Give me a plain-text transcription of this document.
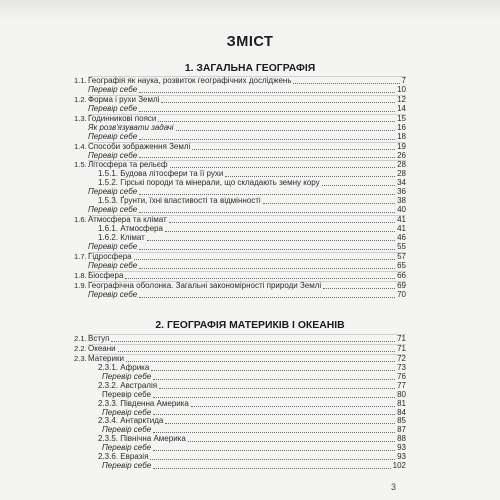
ЗМІСТ
1. ЗАГАЛЬНА ГЕОГРАФІЯ
1.1. Географія як наука, розвиток географічних досліджень	7
Перевір себе	10
1.2. Форма і рухи Землі	12
Перевір себе	14
1.3. Годинникові пояси	15
Як розв'язувати задачі	16
Перевір себе	18
1.4. Способи зображення Землі	19
Перевір себе	26
1.5. Літосфера та рельєф	28
1.5.1. Будова літосфери та її рухи	28
1.5.2. Гірські породи та мінерали, що складають земну кору	34
Перевір себе	36
1.5.3. Ґрунти, їхні властивості та відмінності	38
Перевір себе	40
1.6. Атмосфера та клімат	41
1.6.1. Атмосфера	41
1.6.2. Клімат	46
Перевір себе	55
1.7. Гідросфера	57
Перевір себе	65
1.8. Біосфера	66
1.9. Географічна оболонка. Загальні закономірності природи Землі	69
Перевір себе	70
2. ГЕОГРАФІЯ МАТЕРИКІВ І ОКЕАНІВ
2.1. Вступ	71
2.2. Океани	71
2.3. Материки	72
2.3.1. Африка	73
Перевір себе	76
2.3.2. Австралія	77
Перевір себе	80
2.3.3. Південна Америка	81
Перевір себе	84
2.3.4. Антарктида	85
Перевір себе	87
2.3.5. Північна Америка	88
Перевір себе	93
2.3.6. Евразія	93
Перевір себе	102
3
